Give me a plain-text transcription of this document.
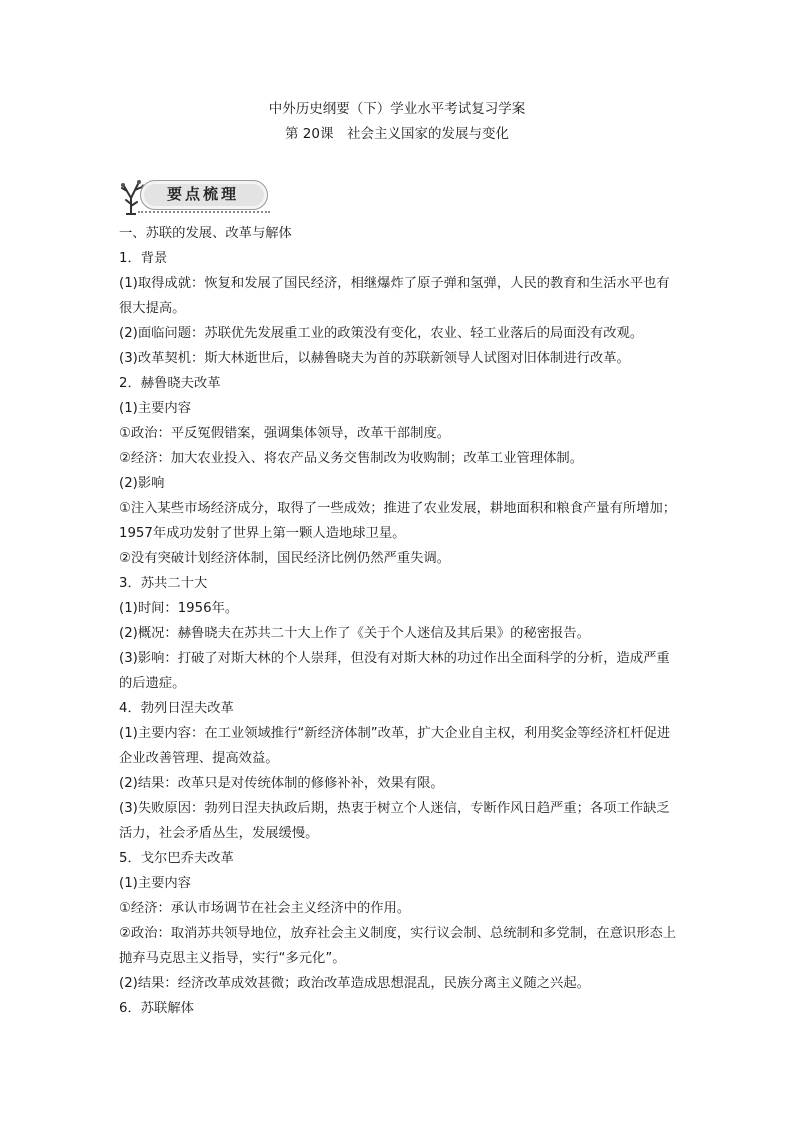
中外历史纲要（下）学业水平考试复习学案
第 20课　社会主义国家的发展与变化
要点梳理

一、苏联的发展、改革与解体

1．背景

(1)取得成就：恢复和发展了国民经济，相继爆炸了原子弹和氢弹，人民的教育和生活水平也有很大提高。

(2)面临问题：苏联优先发展重工业的政策没有变化，农业、轻工业落后的局面没有改观。

(3)改革契机：斯大林逝世后，以赫鲁晓夫为首的苏联新领导人试图对旧体制进行改革。

2．赫鲁晓夫改革

(1)主要内容

①政治：平反冤假错案，强调集体领导，改革干部制度。

②经济：加大农业投入、将农产品义务交售制改为收购制；改革工业管理体制。

(2)影响

①注入某些市场经济成分，取得了一些成效；推进了农业发展，耕地面积和粮食产量有所增加；1957年成功发射了世界上第一颗人造地球卫星。

②没有突破计划经济体制，国民经济比例仍然严重失调。

3．苏共二十大

(1)时间：1956年。

(2)概况：赫鲁晓夫在苏共二十大上作了《关于个人迷信及其后果》的秘密报告。

(3)影响：打破了对斯大林的个人崇拜，但没有对斯大林的功过作出全面科学的分析，造成严重的后遗症。

4．勃列日涅夫改革

(1)主要内容：在工业领域推行“新经济体制”改革，扩大企业自主权，利用奖金等经济杠杆促进企业改善管理、提高效益。

(2)结果：改革只是对传统体制的修修补补，效果有限。

(3)失败原因：勃列日涅夫执政后期，热衷于树立个人迷信，专断作风日趋严重；各项工作缺乏活力，社会矛盾丛生，发展缓慢。

5．戈尔巴乔夫改革

(1)主要内容

①经济：承认市场调节在社会主义经济中的作用。

②政治：取消苏共领导地位，放弃社会主义制度，实行议会制、总统制和多党制，在意识形态上抛弃马克思主义指导，实行“多元化”。

(2)结果：经济改革成效甚微；政治改革造成思想混乱，民族分离主义随之兴起。

6．苏联解体
